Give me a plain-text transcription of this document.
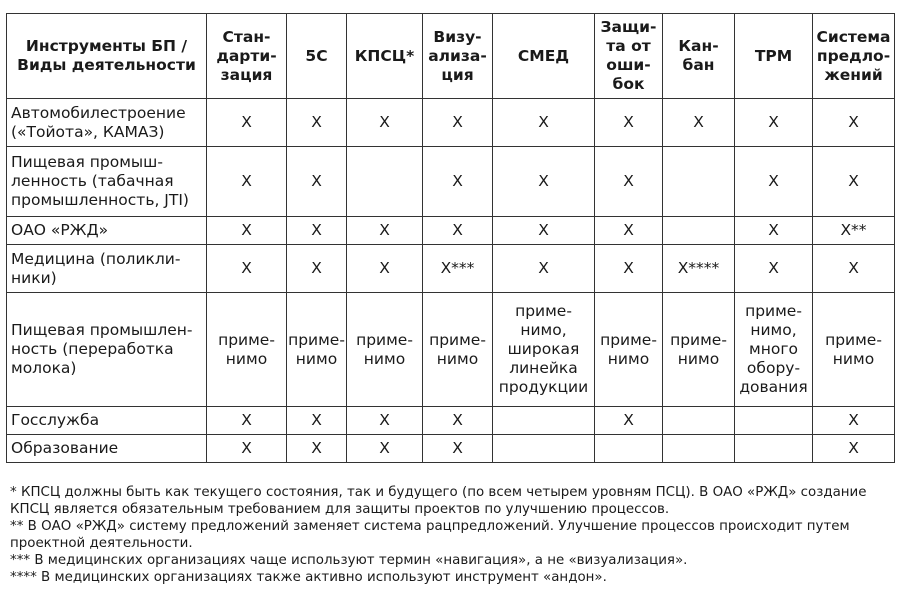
Инструменты БП /
Виды деятельности	Стан-
дарти-
зация	5С	КПСЦ*	Визу-
ализа-
ция	СМЕД	Защи-
та от
оши-
бок	Кан-
бан	ТРМ	Система
предло-
жений
Автомобилестроение
(«Тойота», КАМАЗ)	X	X	X	X	X	X	X	X	X
Пищевая промыш-
ленность (табачная
промышленность, JTI)	X	X		X	X	X		X	X
ОАО «РЖД»	X	X	X	X	X	X		X	X**
Медицина (поликли-
ники)	X	X	X	X***	X	X	X****	X	X
Пищевая промышлен-
ность (переработка
молока)	приме-
нимо	приме-
нимо	приме-
нимо	приме-
нимо	приме-
нимо,
широкая
линейка
продукции	приме-
нимо	приме-
нимо	приме-
нимо,
много
обору-
дования	приме-
нимо
Госслужба	X	X	X	X		X			X
Образование	X	X	X	X					X

* КПСЦ должны быть как текущего состояния, так и будущего (по всем четырем уровням ПСЦ). В ОАО «РЖД» создание КПСЦ является обязательным требованием для защиты проектов по улучшению процессов.

** В ОАО «РЖД» систему предложений заменяет система рацпредложений. Улучшение процессов происходит путем проектной деятельности.

*** В медицинских организациях чаще используют термин «навигация», а не «визуализация».

**** В медицинских организациях также активно используют инструмент «андон».
